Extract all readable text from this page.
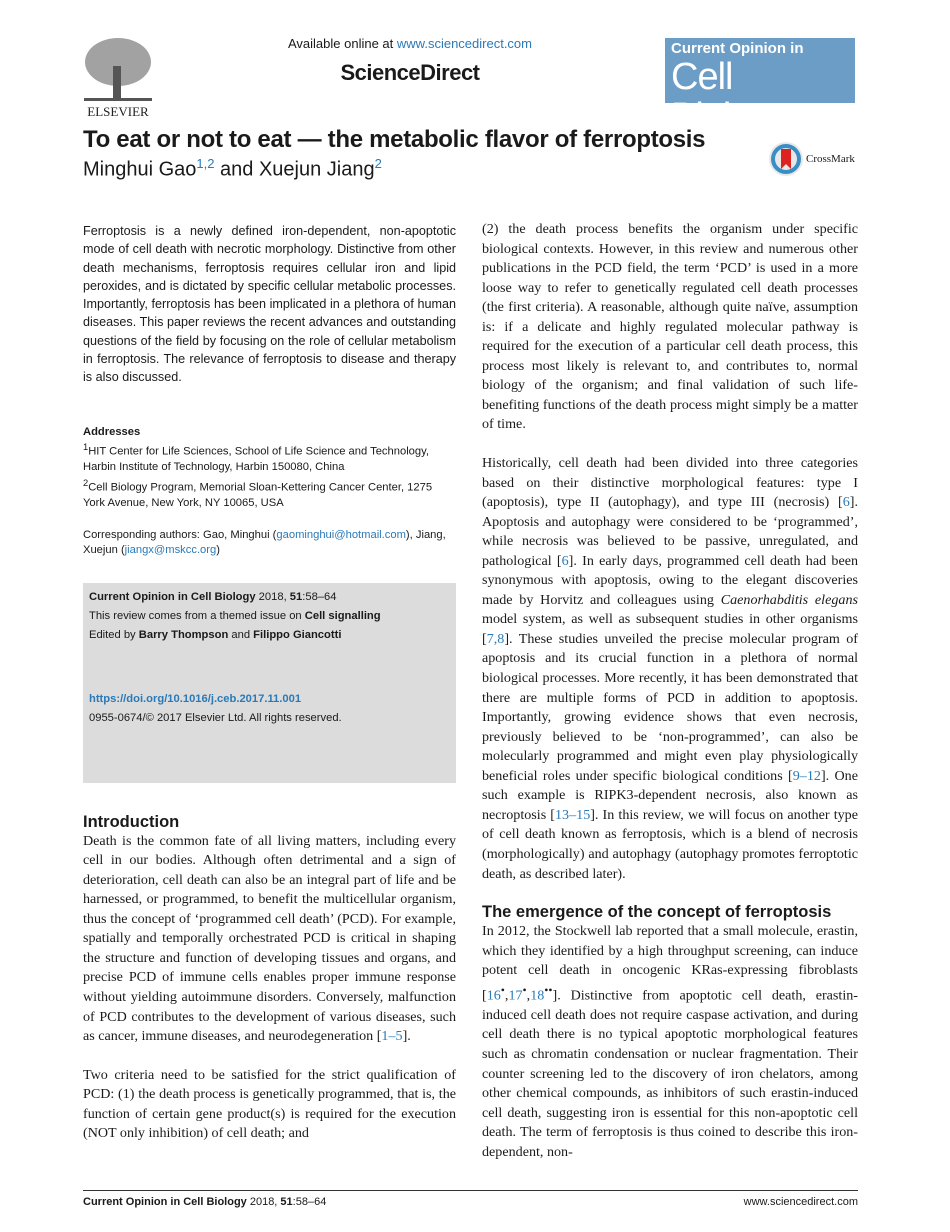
ELSEVIER
Available online at www.sciencedirect.com
ScienceDirect
Current Opinion in
Cell Biology
To eat or not to eat — the metabolic flavor of ferroptosis
Minghui Gao$^{1,2}$ and Xuejun Jiang$^2$	CrossMark

Ferroptosis is a newly defined iron-dependent, non-apoptotic mode of cell death with necrotic morphology. Distinctive from other death mechanisms, ferroptosis requires cellular iron and lipid peroxides, and is dictated by specific cellular metabolic processes. Importantly, ferroptosis has been implicated in a plethora of human diseases. This paper reviews the recent advances and outstanding questions of the field by focusing on the role of cellular metabolism in ferroptosis. The relevance of ferroptosis to disease and therapy is also discussed.

Addresses
$^1$HIT Center for Life Sciences, School of Life Science and Technology, Harbin Institute of Technology, Harbin 150080, China
$^2$Cell Biology Program, Memorial Sloan-Kettering Cancer Center, 1275 York Avenue, New York, NY 10065, USA
Corresponding authors: Gao, Minghui (gaominghui@hotmail.com), Jiang, Xuejun (jiangx@mskcc.org)

Current Opinion in Cell Biology 2018, 51:58–64

This review comes from a themed issue on Cell signalling

Edited by Barry Thompson and Filippo Giancotti

https://doi.org/10.1016/j.ceb.2017.11.001

0955-0674/© 2017 Elsevier Ltd. All rights reserved.

Introduction

Death is the common fate of all living matters, including every cell in our bodies. Although often detrimental and a sign of deterioration, cell death can also be an integral part of life and be harnessed, or programmed, to benefit the multicellular organism, thus the concept of ‘programmed cell death’ (PCD). For example, spatially and temporally orchestrated PCD is critical in shaping the structure and function of developing tissues and organs, and precise PCD of immune cells enables proper immune response without yielding autoimmune disorders. Conversely, malfunction of PCD contributes to the development of various diseases, such as cancer, immune diseases, and neurodegeneration [1–5].

Two criteria need to be satisfied for the strict qualification of PCD: (1) the death process is genetically programmed, that is, the function of certain gene product(s) is required for the execution (NOT only inhibition) of cell death; and

(2) the death process benefits the organism under specific biological contexts. However, in this review and numerous other publications in the PCD field, the term ‘PCD’ is used in a more loose way to refer to genetically regulated cell death processes (the first criteria). A reasonable, although quite naïve, assumption is: if a delicate and highly regulated molecular pathway is required for the execution of a particular cell death process, this process most likely is relevant to, and contributes to, normal biology of the organism; and final validation of such life-benefiting functions of the death process might simply be a matter of time.

Historically, cell death had been divided into three categories based on their distinctive morphological features: type I (apoptosis), type II (autophagy), and type III (necrosis) [6]. Apoptosis and autophagy were considered to be ‘programmed’, while necrosis was believed to be passive, unregulated, and pathological [6]. In early days, programmed cell death had been synonymous with apoptosis, owing to the elegant discoveries made by Horvitz and colleagues using Caenorhabditis elegans model system, as well as subsequent studies in other organisms [7,8]. These studies unveiled the precise molecular program of apoptosis and its crucial function in a plethora of normal biological processes. More recently, it has been demonstrated that there are multiple forms of PCD in addition to apoptosis. Importantly, growing evidence shows that even necrosis, previously believed to be ‘non-programmed’, can also be molecularly programmed and might even play physiologically beneficial roles under specific biological conditions [9–12]. One such example is RIPK3-dependent necrosis, also known as necroptosis [13–15]. In this review, we will focus on another type of cell death known as ferroptosis, which is a blend of necrosis (morphologically) and autophagy (autophagy promotes ferroptotic death, as described later).

The emergence of the concept of ferroptosis

In 2012, the Stockwell lab reported that a small molecule, erastin, which they identified by a high throughput screening, can induce potent cell death in oncogenic KRas-expressing fibroblasts [16•,17•,18••]. Distinctive from apoptotic cell death, erastin-induced cell death does not require caspase activation, and during cell death there is no typical apoptotic morphological features such as chromatin condensation or nuclear fragmentation. Their counter screening led to the discovery of iron chelators, among other chemical compounds, as inhibitors of such erastin-induced cell death, suggesting iron is essential for this non-apoptotic cell death. The term of ferroptosis is thus coined to describe this iron-dependent, non-

Current Opinion in Cell Biology 2018, 51:58–64	www.sciencedirect.com
